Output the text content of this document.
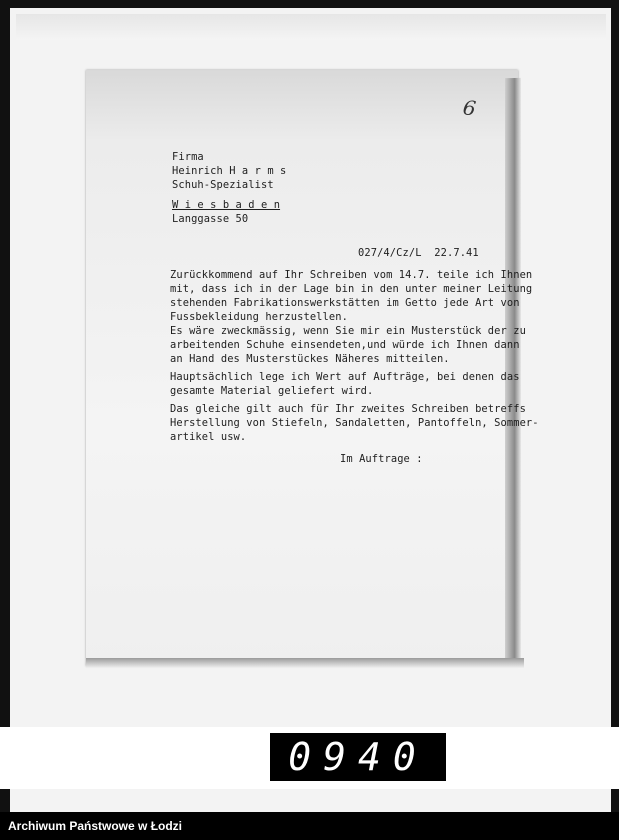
6
Firma
Heinrich H a r m s
Schuh-Spezialist
W i e s b a d e n
Langgasse 50
027/4/Cz/L  22.7.41
Zurückkommend auf Ihr Schreiben vom 14.7. teile ich Ihnen
mit, dass ich in der Lage bin in den unter meiner Leitung
stehenden Fabrikationswerkstätten im Getto jede Art von
Fussbekleidung herzustellen.
Es wäre zweckmässig, wenn Sie mir ein Musterstück der zu
arbeitenden Schuhe einsendeten,und würde ich Ihnen dann
an Hand des Musterstückes Näheres mitteilen.
Hauptsächlich lege ich Wert auf Aufträge, bei denen das
gesamte Material geliefert wird.
Das gleiche gilt auch für Ihr zweites Schreiben betreffs
Herstellung von Stiefeln, Sandaletten, Pantoffeln, Sommer-
artikel usw.
Im Auftrage :
0940
Archiwum Państwowe w Łodzi
